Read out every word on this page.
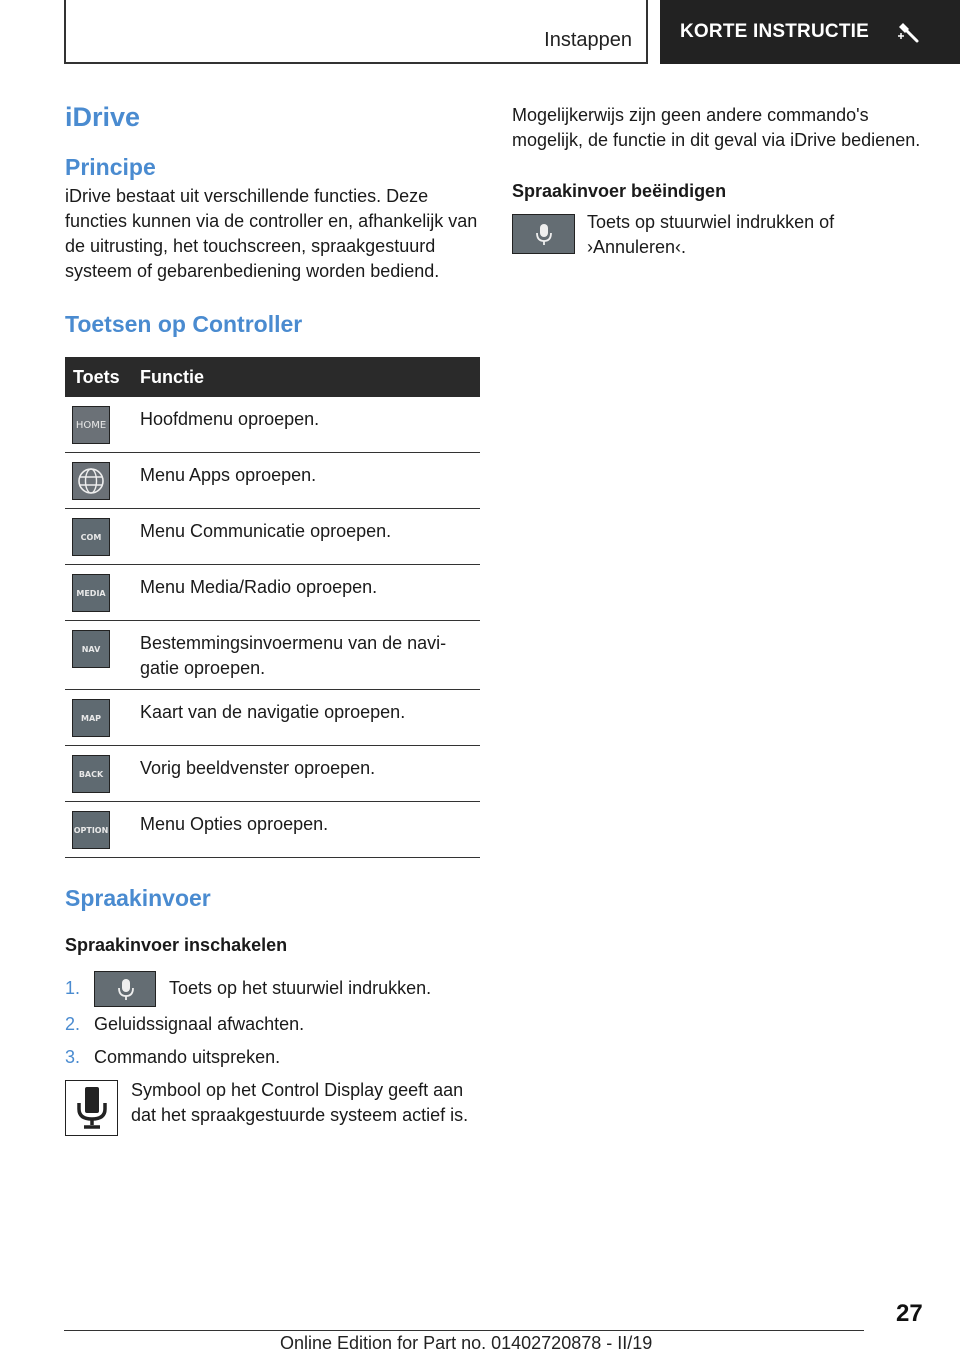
Instappen	KORTE INSTRUCTIE
iDrive
Principe

iDrive bestaat uit verschillende functies. Deze functies kunnen via de controller en, afhankelijk van de uitrusting, het touchscreen, spraakgestuurd systeem of gebarenbediening worden bediend.

Toetsen op Controller
Toets	Functie

HOME	Hoofdmenu oproepen.

	Menu Apps oproepen.

COM	Menu Communicatie oproepen.

MEDIA	Menu Media/Radio oproepen.

NAV	Bestemmingsinvoermenu van de navigatie oproepen.

MAP	Kaart van de navigatie oproepen.

BACK	Vorig beeldvenster oproepen.

OPTION	Menu Opties oproepen.
Spraakinvoer

Spraakinvoer inschakelen

1.	Toets op het stuurwiel indrukken.
2. Geluidssignaal afwachten.
3. Commando uitspreken.

Symbool op het Control Display geeft aan dat het spraakgestuurde systeem actief is.

Mogelijkerwijs zijn geen andere commando's mogelijk, de functie in dit geval via iDrive bedienen.

Spraakinvoer beëindigen

Toets op stuurwiel indrukken of ›Annuleren‹.

27
Online Edition for Part no. 01402720878 - II/19
